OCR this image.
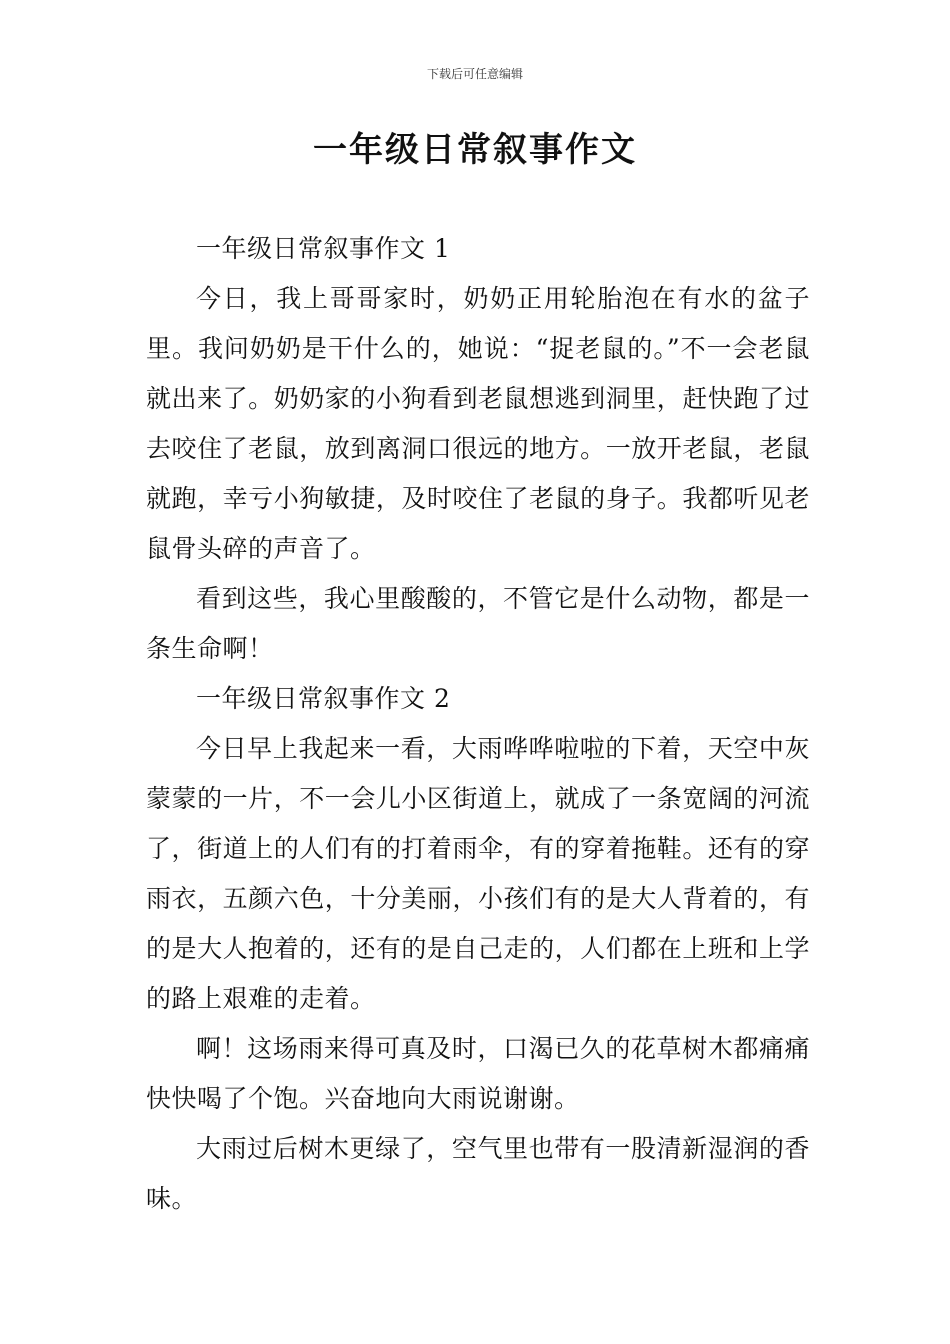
下载后可任意编辑
一年级日常叙事作文

一年级日常叙事作文 1

今日，我上哥哥家时，奶奶正用轮胎泡在有水的盆子里。我问奶奶是干什么的，她说：“捉老鼠的。”不一会老鼠就出来了。奶奶家的小狗看到老鼠想逃到洞里，赶快跑了过去咬住了老鼠，放到离洞口很远的地方。一放开老鼠，老鼠就跑，幸亏小狗敏捷，及时咬住了老鼠的身子。我都听见老鼠骨头碎的声音了。

看到这些，我心里酸酸的，不管它是什么动物，都是一条生命啊！

一年级日常叙事作文 2

今日早上我起来一看，大雨哗哗啦啦的下着，天空中灰蒙蒙的一片，不一会儿小区街道上，就成了一条宽阔的河流了，街道上的人们有的打着雨伞，有的穿着拖鞋。还有的穿雨衣，五颜六色，十分美丽，小孩们有的是大人背着的，有的是大人抱着的，还有的是自己走的，人们都在上班和上学的路上艰难的走着。

啊！这场雨来得可真及时，口渴已久的花草树木都痛痛快快喝了个饱。兴奋地向大雨说谢谢。

大雨过后树木更绿了，空气里也带有一股清新湿润的香味。
